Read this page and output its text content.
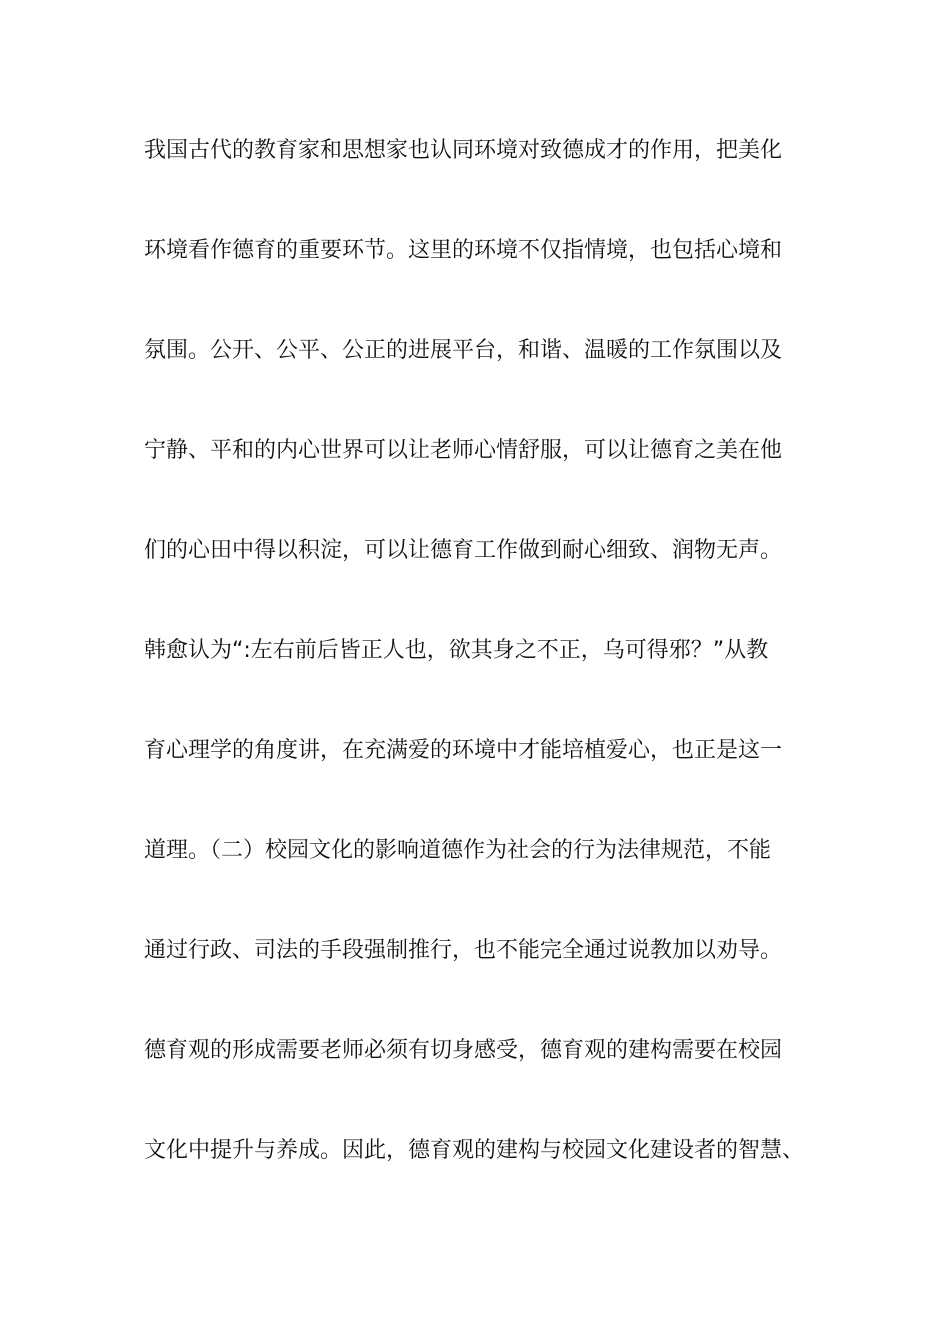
我国古代的教育家和思想家也认同环境对致德成才的作用，把美化
环境看作德育的重要环节。这里的环境不仅指情境，也包括心境和
氛围。公开、公平、公正的进展平台，和谐、温暖的工作氛围以及
宁静、平和的内心世界可以让老师心情舒服，可以让德育之美在他
们的心田中得以积淀，可以让德育工作做到耐心细致、润物无声。
韩愈认为“:左右前后皆正人也，欲其身之不正，乌可得邪？”从教
育心理学的角度讲，在充满爱的环境中才能培植爱心，也正是这一
道理。（二）校园文化的影响道德作为社会的行为法律规范，不能
通过行政、司法的手段强制推行，也不能完全通过说教加以劝导。
德育观的形成需要老师必须有切身感受，德育观的建构需要在校园
文化中提升与养成。因此，德育观的建构与校园文化建设者的智慧、
